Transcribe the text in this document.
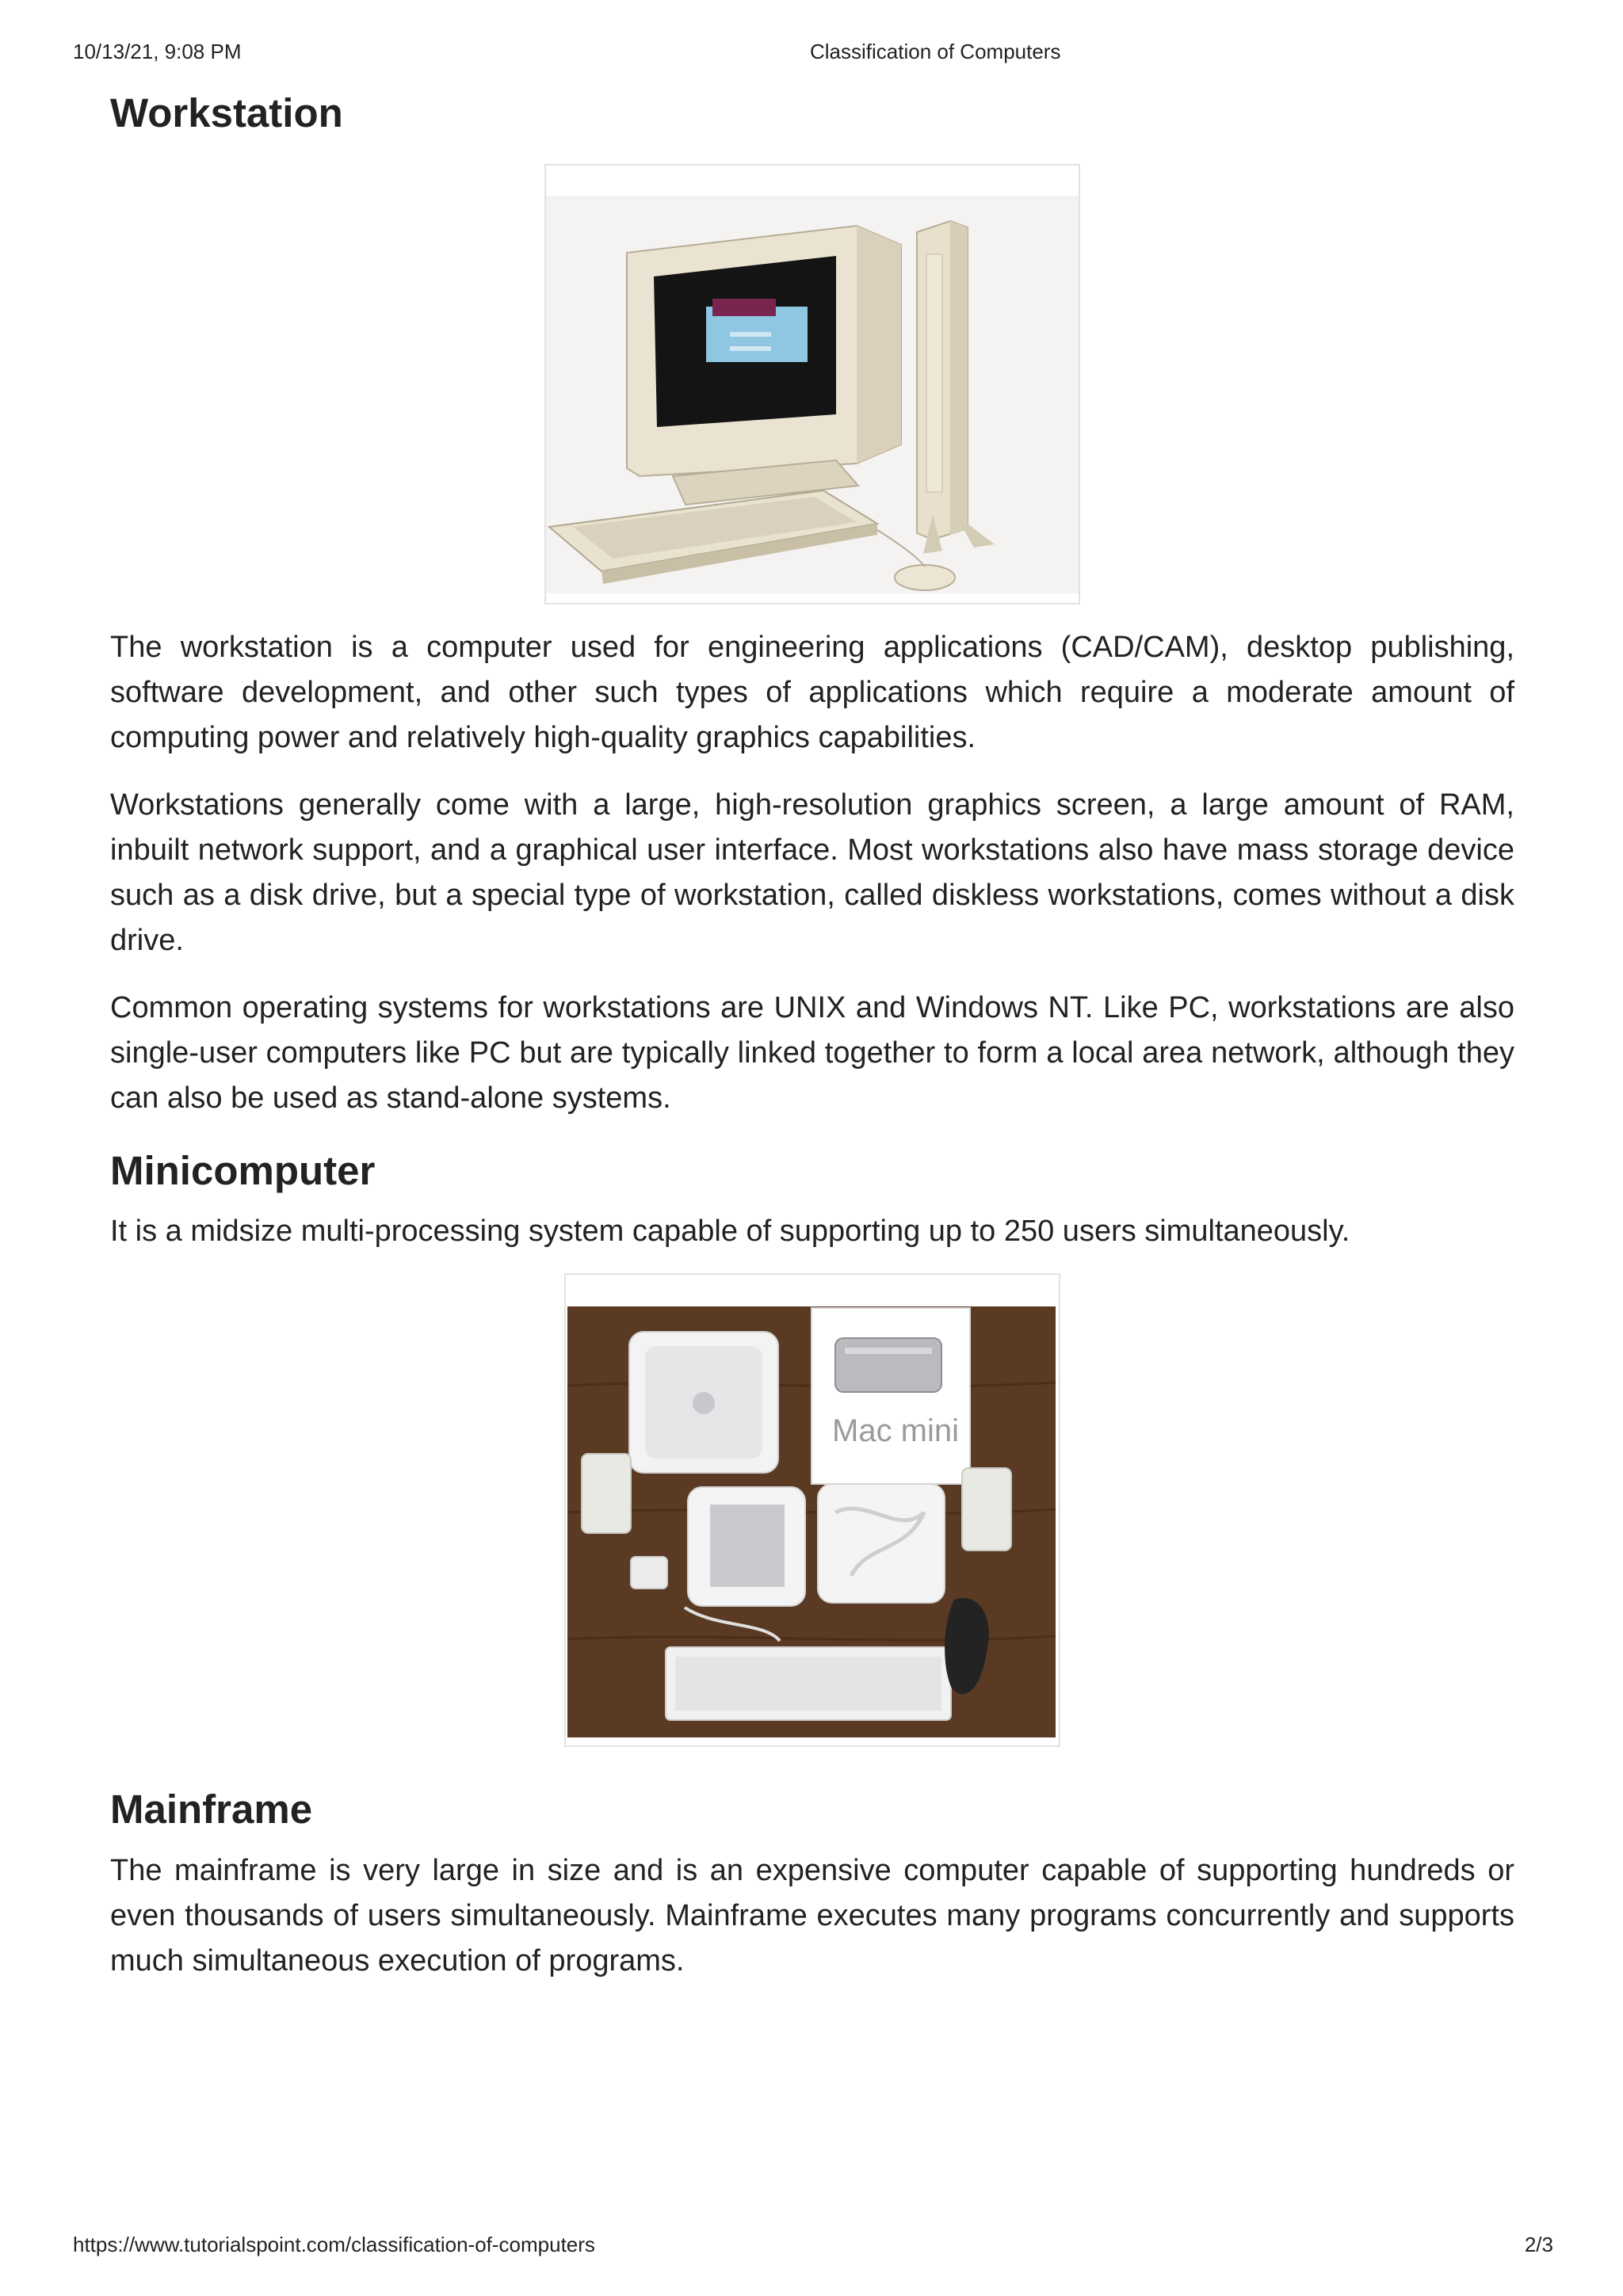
10/13/21, 9:08 PM	Classification of Computers
Workstation

The workstation is a computer used for engineering applications (CAD/CAM), desktop publishing, software development, and other such types of applications which require a moderate amount of computing power and relatively high-quality graphics capabilities.

Workstations generally come with a large, high-resolution graphics screen, a large amount of RAM, inbuilt network support, and a graphical user interface. Most workstations also have mass storage device such as a disk drive, but a special type of workstation, called diskless workstations, comes without a disk drive.

Common operating systems for workstations are UNIX and Windows NT. Like PC, workstations are also single-user computers like PC but are typically linked together to form a local area network, although they can also be used as stand-alone systems.

Minicomputer

It is a midsize multi-processing system capable of supporting up to 250 users simultaneously.

Mac mini
Mainframe

The mainframe is very large in size and is an expensive computer capable of supporting hundreds or even thousands of users simultaneously. Mainframe executes many programs concurrently and supports much simultaneous execution of programs.

https://www.tutorialspoint.com/classification-of-computers	2/3
